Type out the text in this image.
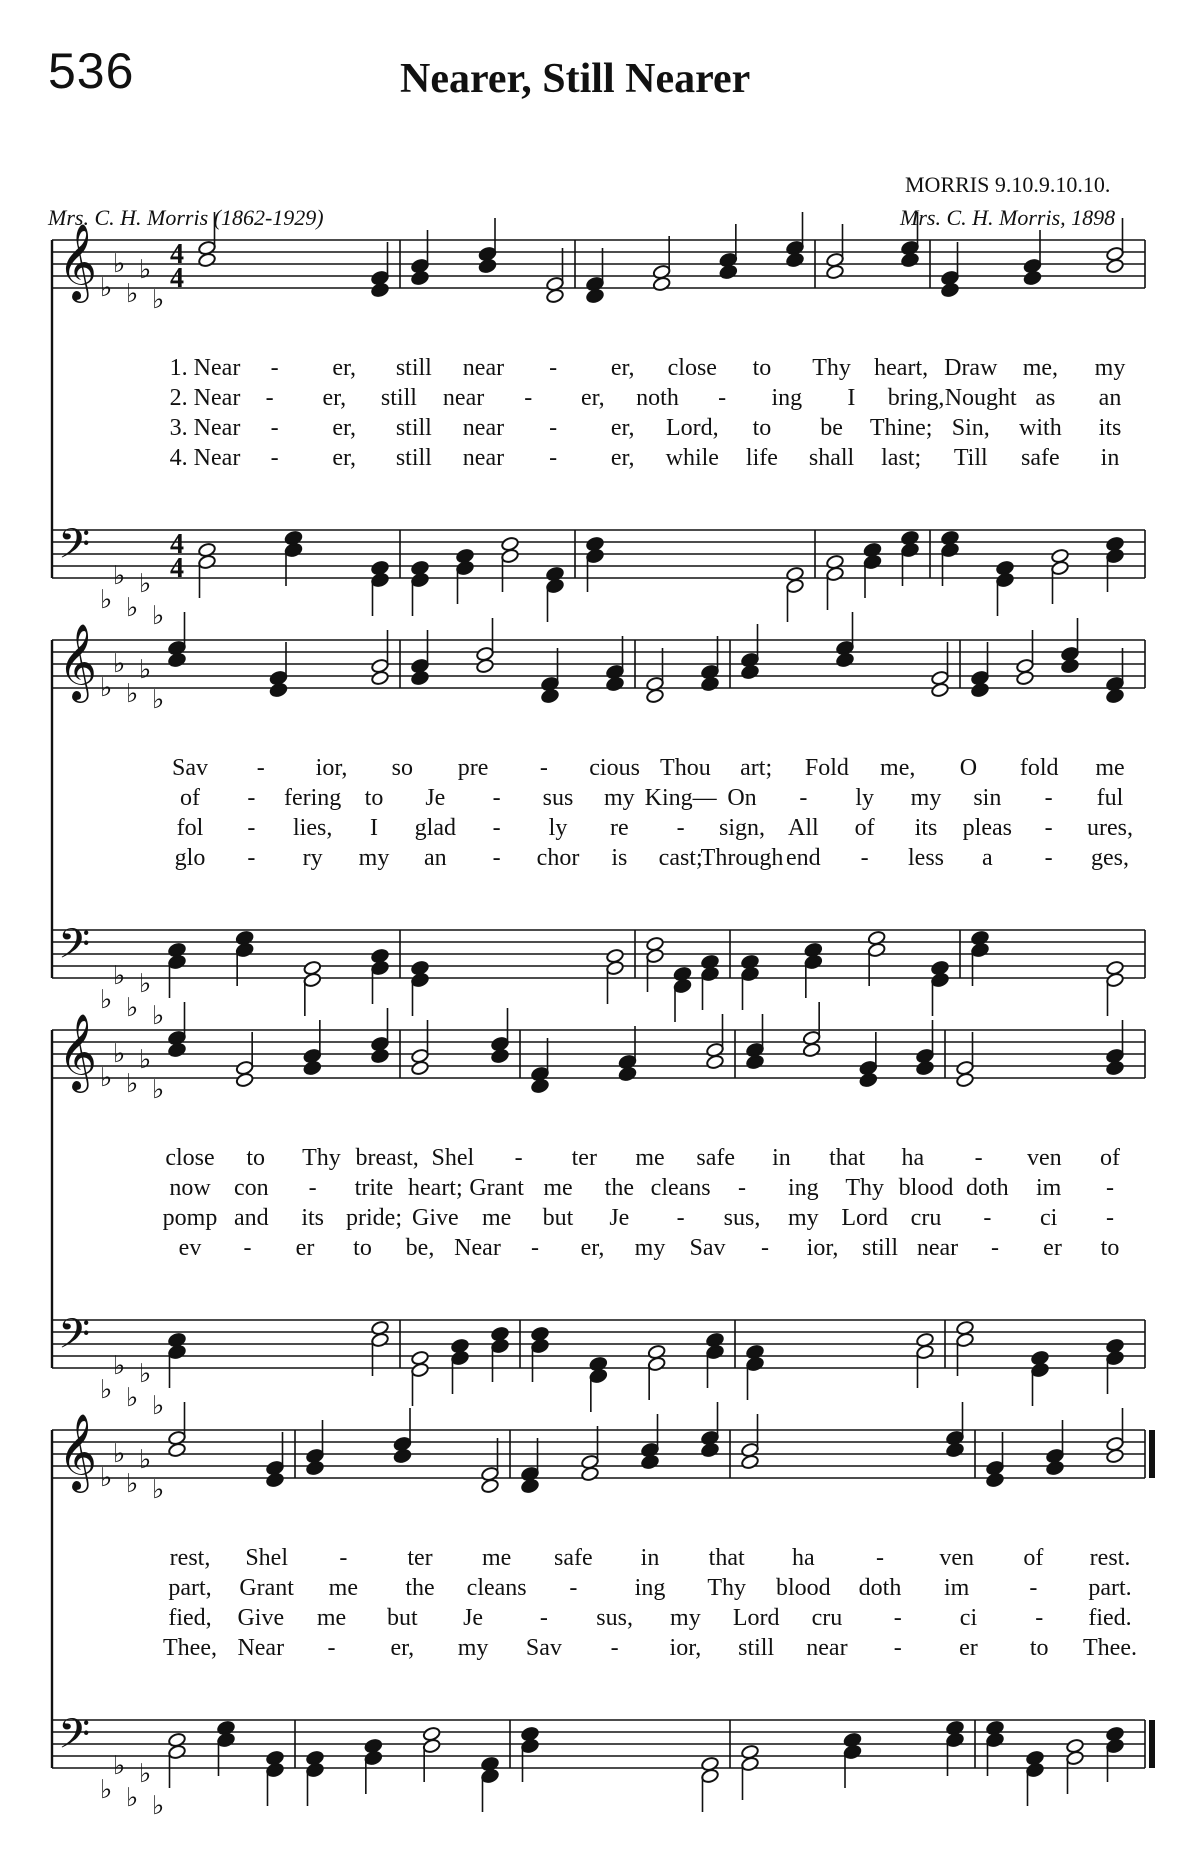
536	Nearer, Still Nearer
MORRIS 9.10.9.10.10.
Mrs. C. H. Morris (1862-1929)	Mrs. C. H. Morris, 1898
𝄞
𝄢
♭
♭
♭
♭
♭
♭
♭
♭
♭
♭
4
4
4
4
𝄞
𝄢
♭
♭
♭
♭
♭
♭
♭
♭
♭
♭
𝄞
𝄢
♭
♭
♭
♭
♭
♭
♭
♭
♭
♭
𝄞
𝄢
♭
♭
♭
♭
♭
♭
♭
♭
♭
♭
1. Near - er, still near - er, close to Thy heart, Draw me, my
2. Near - er, still near - er, noth - ing I bring, Nought as an
3. Near - er, still near - er, Lord, to be Thine; Sin, with its
4. Near - er, still near - er, while life shall last; Till safe in
Sav - ior, so pre - cious Thou art; Fold me, O fold me
of - fering to Je - sus my King— On - ly my sin - ful
fol - lies, I glad - ly re - sign, All of its pleas - ures,
glo - ry my an - chor is cast;
Through end - less a - ges,
close to Thy breast, Shel - ter me safe in that ha - ven of
now con - trite heart; Grant me the cleans - ing Thy blood doth im -
pomp and its pride; Give me but Je - sus, my Lord cru - ci -
ev - er to be, Near - er, my Sav - ior, still near - er to
rest, Shel -	ter me safe in that ha	- ven of rest.
part, Grant me the cleans - ing Thy blood doth im	- part.
fied, Give me but Je - sus, my Lord cru - ci - fied.
Thee, Near - er, my Sav - ior, still near - er to Thee.
